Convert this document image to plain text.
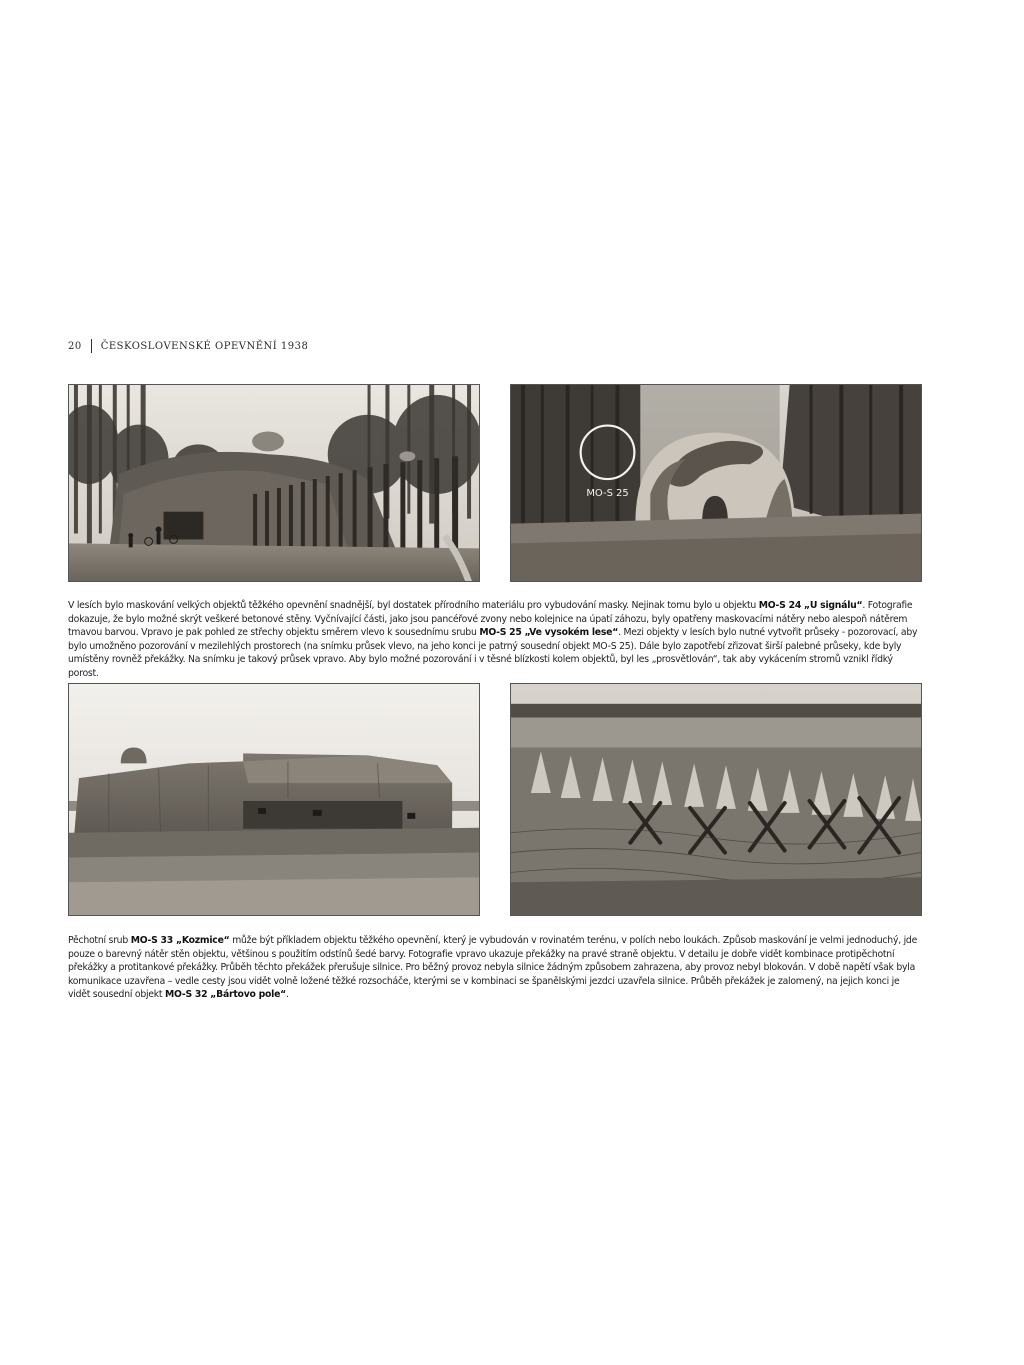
20 ČESKOSLOVENSKÉ OPEVNĚNÍ 1938
MO-S 25
V lesích bylo maskování velkých objektů těžkého opevnění snadnější, byl dostatek přírodního materiálu pro vybudování masky. Nejinak tomu bylo u objektu MO-S 24 „U signálu“. Fotografie dokazuje, že bylo možné skrýt veškeré betonové stěny. Vyčnívající části, jako jsou pancéřové zvony nebo kolejnice na úpatí záhozu, byly opatřeny maskovacími nátěry nebo alespoň nátěrem tmavou barvou. Vpravo je pak pohled ze střechy objektu směrem vlevo k sousednímu srubu MO-S 25 „Ve vysokém lese“. Mezi objekty v lesích bylo nutné vytvořit průseky - pozorovací, aby bylo umožněno pozorování v mezilehlých prostorech (na snímku průsek vlevo, na jeho konci je patrný sousední objekt MO-S 25). Dále bylo zapotřebí zřizovat širší palebné průseky, kde byly umístěny rovněž překážky. Na snímku je takový průsek vpravo. Aby bylo možné pozorování i v těsné blízkosti kolem objektů, byl les „prosvětlován“, tak aby vykácením stromů vznikl řídký porost.
Pěchotní srub MO-S 33 „Kozmice“ může být příkladem objektu těžkého opevnění, který je vybudován v rovinatém terénu, v polích nebo loukách. Způsob maskování je velmi jednoduchý, jde pouze o barevný nátěr stěn objektu, většinou s použitím odstínů šedé barvy. Fotografie vpravo ukazuje překážky na pravé straně objektu. V detailu je dobře vidět kombinace protipěchotní překážky a protitankové překážky. Průběh těchto překážek přerušuje silnice. Pro běžný provoz nebyla silnice žádným způsobem zahrazena, aby provoz nebyl blokován. V době napětí však byla komunikace uzavřena – vedle cesty jsou vidět volně ložené těžké rozsocháče, kterými se v kombinaci se španělskými jezdci uzavřela silnice. Průběh překážek je zalomený, na jejich konci je vidět sousední objekt MO-S 32 „Bártovo pole“.
